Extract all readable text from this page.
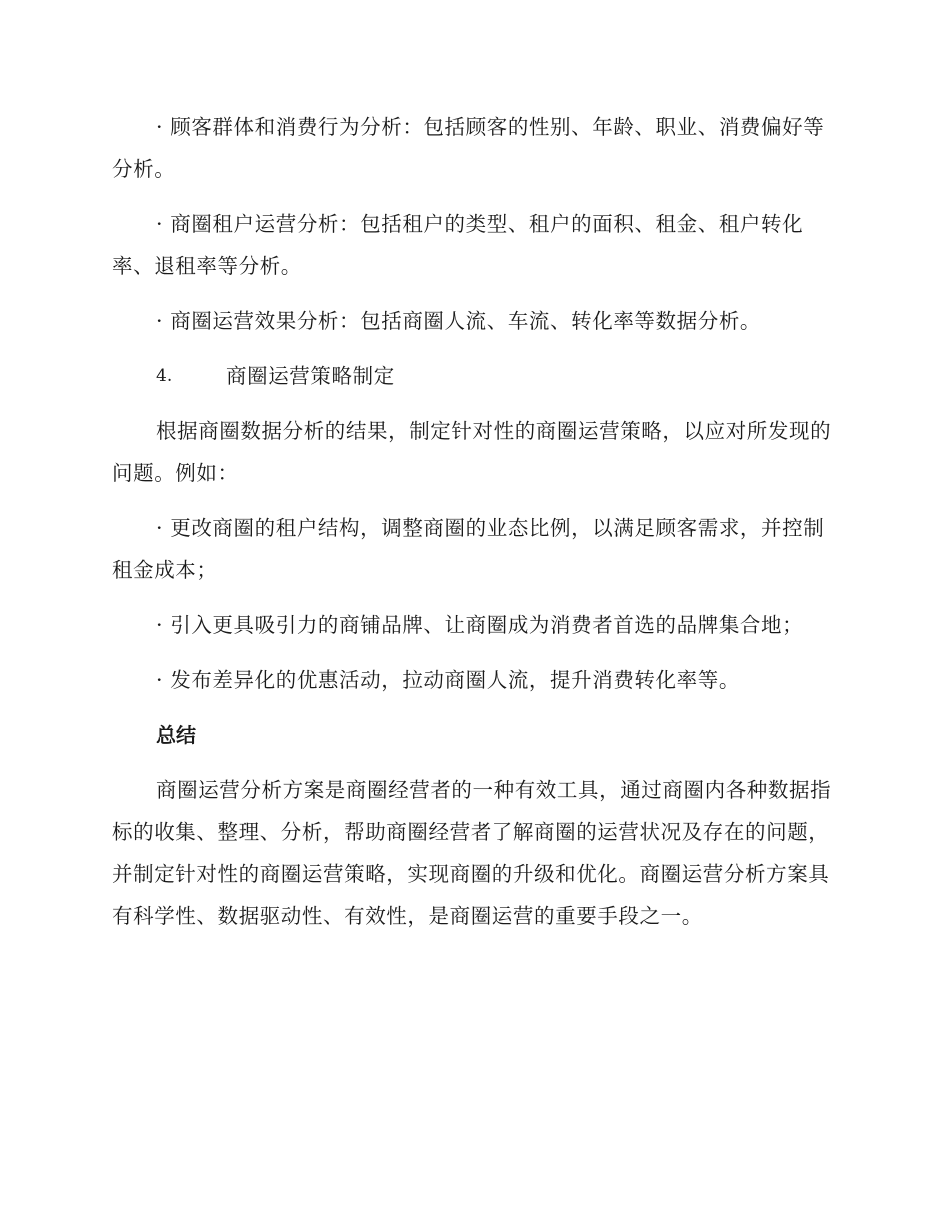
· 顾客群体和消费行为分析：包括顾客的性别、年龄、职业、消费偏好等分析。

· 商圈租户运营分析：包括租户的类型、租户的面积、租金、租户转化率、退租率等分析。

· 商圈运营效果分析：包括商圈人流、车流、转化率等数据分析。

4.	商圈运营策略制定

根据商圈数据分析的结果，制定针对性的商圈运营策略，以应对所发现的问题。例如：

· 更改商圈的租户结构，调整商圈的业态比例，以满足顾客需求，并控制租金成本；

· 引入更具吸引力的商铺品牌、让商圈成为消费者首选的品牌集合地；

· 发布差异化的优惠活动，拉动商圈人流，提升消费转化率等。

总结

商圈运营分析方案是商圈经营者的一种有效工具，通过商圈内各种数据指标的收集、整理、分析，帮助商圈经营者了解商圈的运营状况及存在的问题，并制定针对性的商圈运营策略，实现商圈的升级和优化。商圈运营分析方案具有科学性、数据驱动性、有效性，是商圈运营的重要手段之一。
